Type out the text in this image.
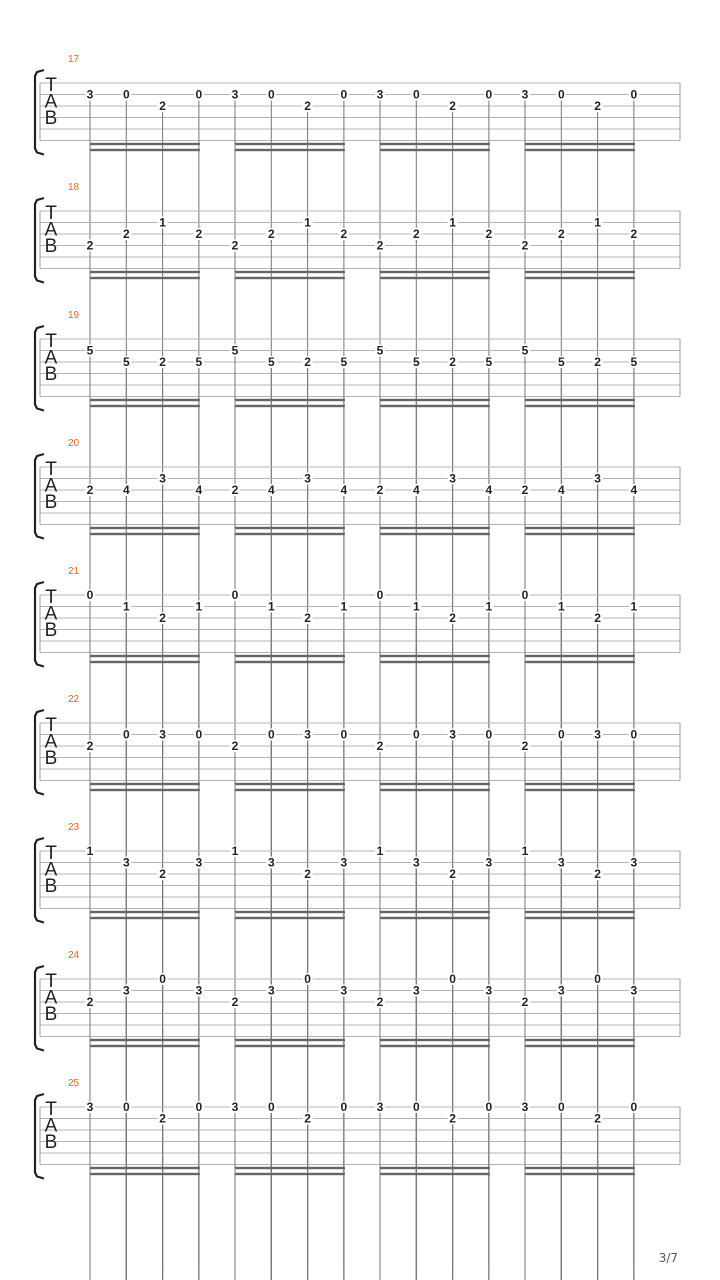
17
T
A
B
3 0
2
0 3 0
2
0 3 0
2
0 3 0
2
0
18
T
A
B 2
2
1
2
2
2
1
2
2
2
1
2
2
2
1
2
19
T
A
B
5
5 2 5
5
5 2 5
5
5 2 5
5
5 2 5
20
T
A
B
2 4
3
4 2 4
3
4 2 4
3
4 2 4
3
4
21
T
A
B
0
1
2
1
0
1
2
1
0
1
2
1
0
1
2
1
22
T
A
B
2
0 3 0
2
0 3 0
2
0 3 0
2
0 3 0
23
T
A
B
1
3
2
3
1
3
2
3
1
3
2
3
1
3
2
3
24
T
A
B
2
3
0
3
2
3
0
3
2
3
0
3
2
3
0
3
25
T
A
B
3 0
2
0 3 0
2
0 3 0
2
0 3 0
2
0
3/7
